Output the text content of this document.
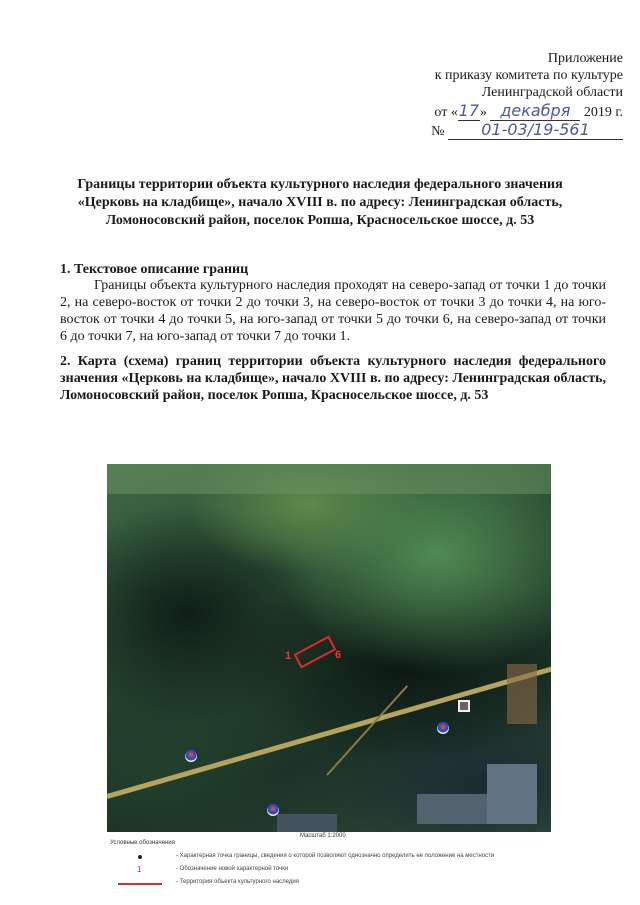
Приложение
к приказу комитета по культуре
Ленинградской области
от «17» декабря 2019 г.
№ 01-03/19-561
Границы территории объекта культурного наследия федерального значения «Церковь на кладбище», начало XVIII в. по адресу: Ленинградская область, Ломоносовский район, поселок Ропша, Красносельское шоссе, д. 53
1. Текстовое описание границ
Границы объекта культурного наследия проходят на северо-запад от точки 1 до точки 2, на северо-восток от точки 2 до точки 3, на северо-восток от точки 3 до точки 4, на юго-восток от точки 4 до точки 5, на юго-запад от точки 5 до точки 6, на северо-запад от точки 6 до точки 7, на юго-запад от точки 7 до точки 1.
2. Карта (схема) границ территории объекта культурного наследия федерального значения «Церковь на кладбище», начало XVIII в. по адресу: Ленинградская область, Ломоносовский район, поселок Ропша, Красносельское шоссе, д. 53
1	6
Масштаб 1:2000
Условные обозначения
- Характерная точка границы, сведения о которой позволяют однозначно определить ее положение на местности
1	- Обозначение новой характерной точки
- Территория объекта культурного наследия
